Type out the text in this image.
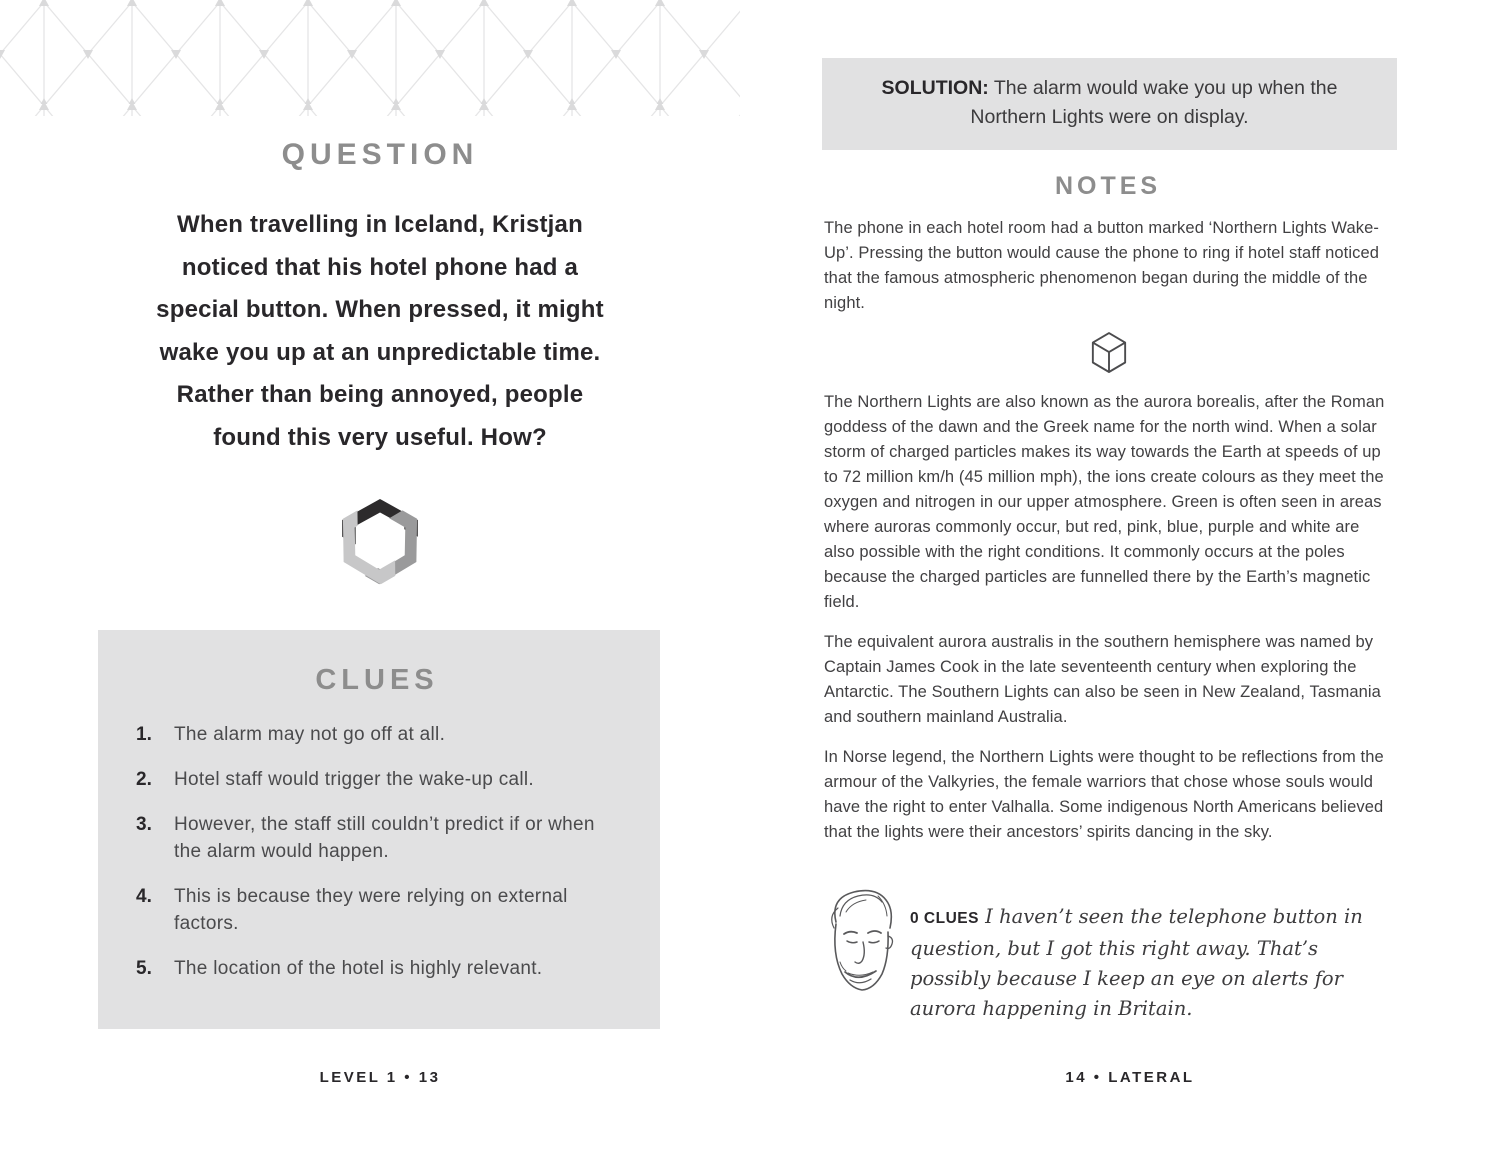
QUESTION
When travelling in Iceland, Kristjan
noticed that his hotel phone had a
special button. When pressed, it might
wake you up at an unpredictable time.
Rather than being annoyed, people
found this very useful. How?
CLUES
1.	The alarm may not go off at all.
2.	Hotel staff would trigger the wake-up call.
3.	However, the staff still couldn’t predict if or when the alarm would happen.
4.	This is because they were relying on external factors.
5.	The location of the hotel is highly relevant.
LEVEL 1 • 13
SOLUTION: The alarm would wake you up when the Northern Lights were on display.
NOTES

The phone in each hotel room had a button marked ‘Northern Lights Wake-Up’. Pressing the button would cause the phone to ring if hotel staff noticed that the famous atmospheric phenomenon began during the middle of the night.

The Northern Lights are also known as the aurora borealis, after the Roman goddess of the dawn and the Greek name for the north wind. When a solar storm of charged particles makes its way towards the Earth at speeds of up to 72 million km/h (45 million mph), the ions create colours as they meet the oxygen and nitrogen in our upper atmosphere. Green is often seen in areas where auroras commonly occur, but red, pink, blue, purple and white are also possible with the right conditions. It commonly occurs at the poles because the charged particles are funnelled there by the Earth’s magnetic field.

The equivalent aurora australis in the southern hemisphere was named by Captain James Cook in the late seventeenth century when exploring the Antarctic. The Southern Lights can also be seen in New Zealand, Tasmania and southern mainland Australia.

In Norse legend, the Northern Lights were thought to be reflections from the armour of the Valkyries, the female warriors that chose whose souls would have the right to enter Valhalla. Some indigenous North Americans believed that the lights were their ancestors’ spirits dancing in the sky.

0 CLUES I haven’t seen the telephone button in question, but I got this right away. That’s possibly because I keep an eye on alerts for aurora happening in Britain.
14 • LATERAL
